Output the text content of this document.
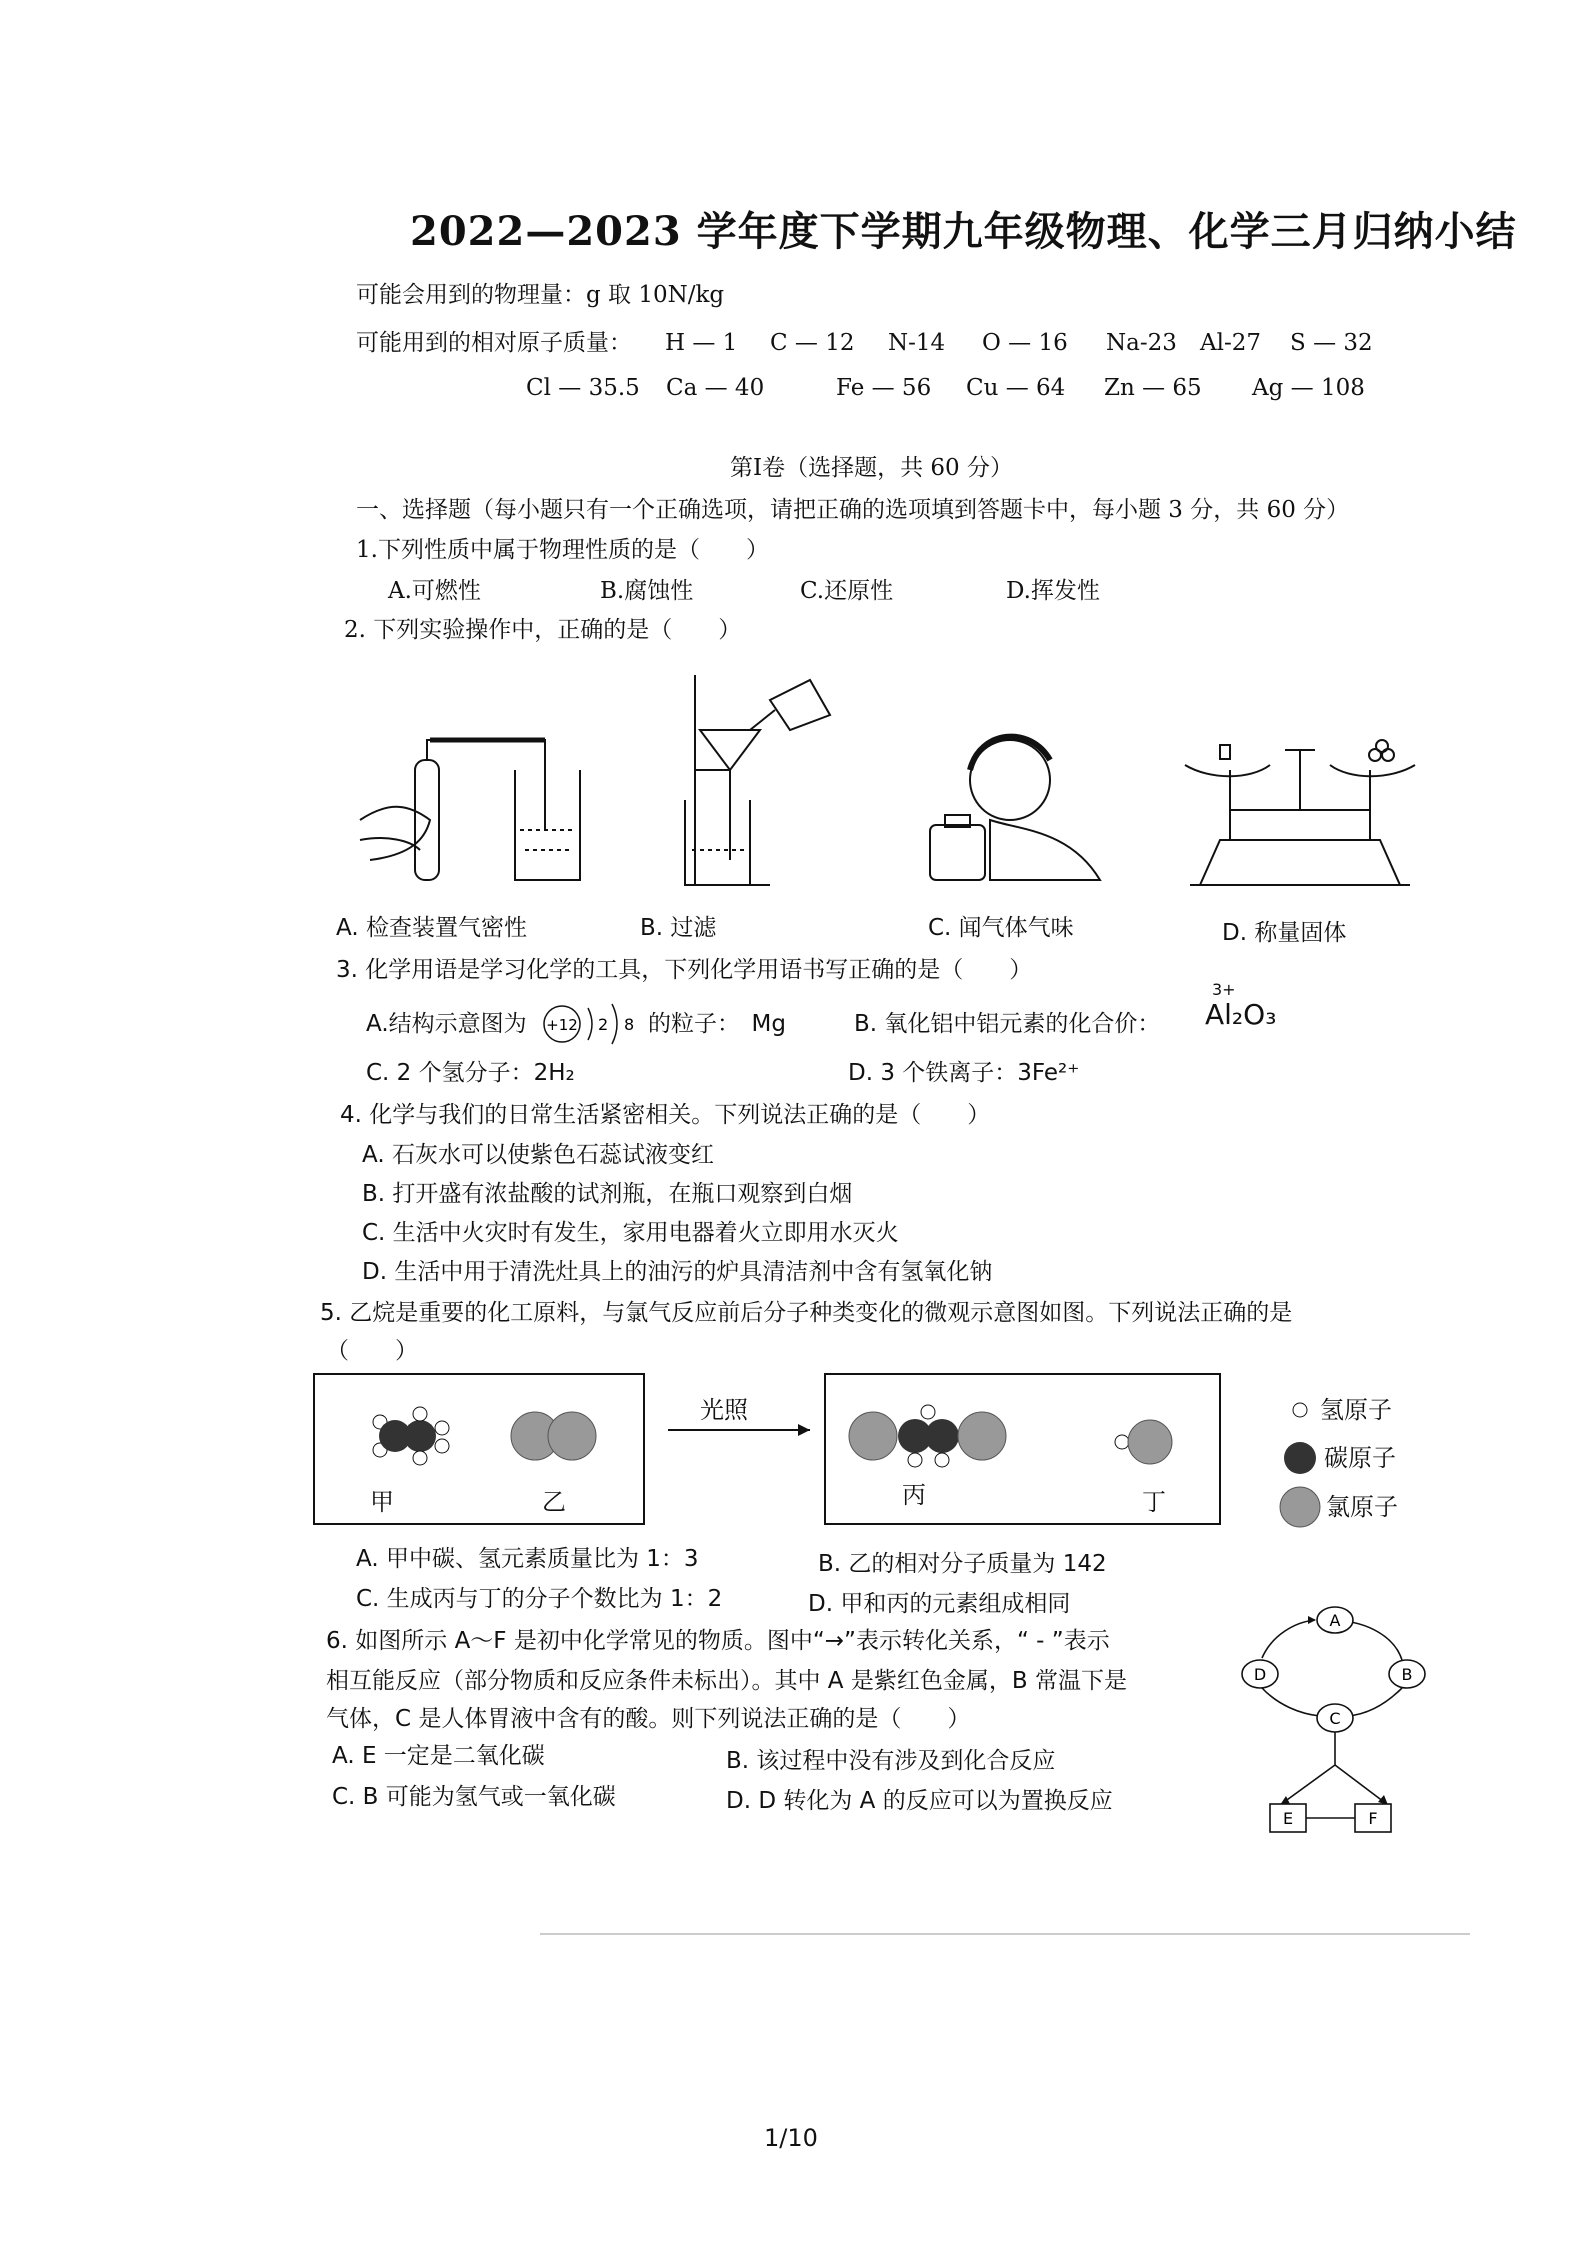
2022—2023 学年度下学期九年级物理、化学三月归纳小结
可能会用到的物理量：g 取 10N/kg
可能用到的相对原子质量： H — 1 C — 12 N-14 O — 16 Na-23 Al-27 S — 32
Cl — 35.5 Ca — 40	Fe — 56 Cu — 64 Zn — 65 Ag — 108
第Ⅰ卷（选择题，共 60 分）
一、选择题（每小题只有一个正确选项，请把正确的选项填到答题卡中，每小题 3 分，共 60 分）
1.下列性质中属于物理性质的是（　　）
A.可燃性	B.腐蚀性	C.还原性	D.挥发性
2. 下列实验操作中，正确的是（　　）
A. 检查装置气密性	B. 过滤	C. 闻气体气味	D. 称量固体
3. 化学用语是学习化学的工具，下列化学用语书写正确的是（　　）
A.结构示意图为 +12 2 8 的粒子：　Mg	B. 氧化铝中铝元素的化合价：
3+
Al₂O₃
C. 2 个氢分子：2H₂	D. 3 个铁离子：3Fe²⁺
4. 化学与我们的日常生活紧密相关。下列说法正确的是（　　）
A. 石灰水可以使紫色石蕊试液变红
B. 打开盛有浓盐酸的试剂瓶，在瓶口观察到白烟
C. 生活中火灾时有发生，家用电器着火立即用水灭火
D. 生活中用于清洗灶具上的油污的炉具清洁剂中含有氢氧化钠
5. 乙烷是重要的化工原料，与氯气反应前后分子种类变化的微观示意图如图。下列说法正确的是
（　　）
光照
甲	乙	丙	丁
氢原子
碳原子
氯原子
A. 甲中碳、氢元素质量比为 1：3	B. 乙的相对分子质量为 142
C. 生成丙与丁的分子个数比为 1：2	D. 甲和丙的元素组成相同
6. 如图所示 A～F 是初中化学常见的物质。图中“→”表示转化关系，“ - ”表示
相互能反应（部分物质和反应条件未标出）。其中 A 是紫红色金属，B 常温下是
气体，C 是人体胃液中含有的酸。则下列说法正确的是（　　）
A. E 一定是二氧化碳	B. 该过程中没有涉及到化合反应
C. B 可能为氢气或一氧化碳	D. D 转化为 A 的反应可以为置换反应
A
B
C
D
E	F
1/10
